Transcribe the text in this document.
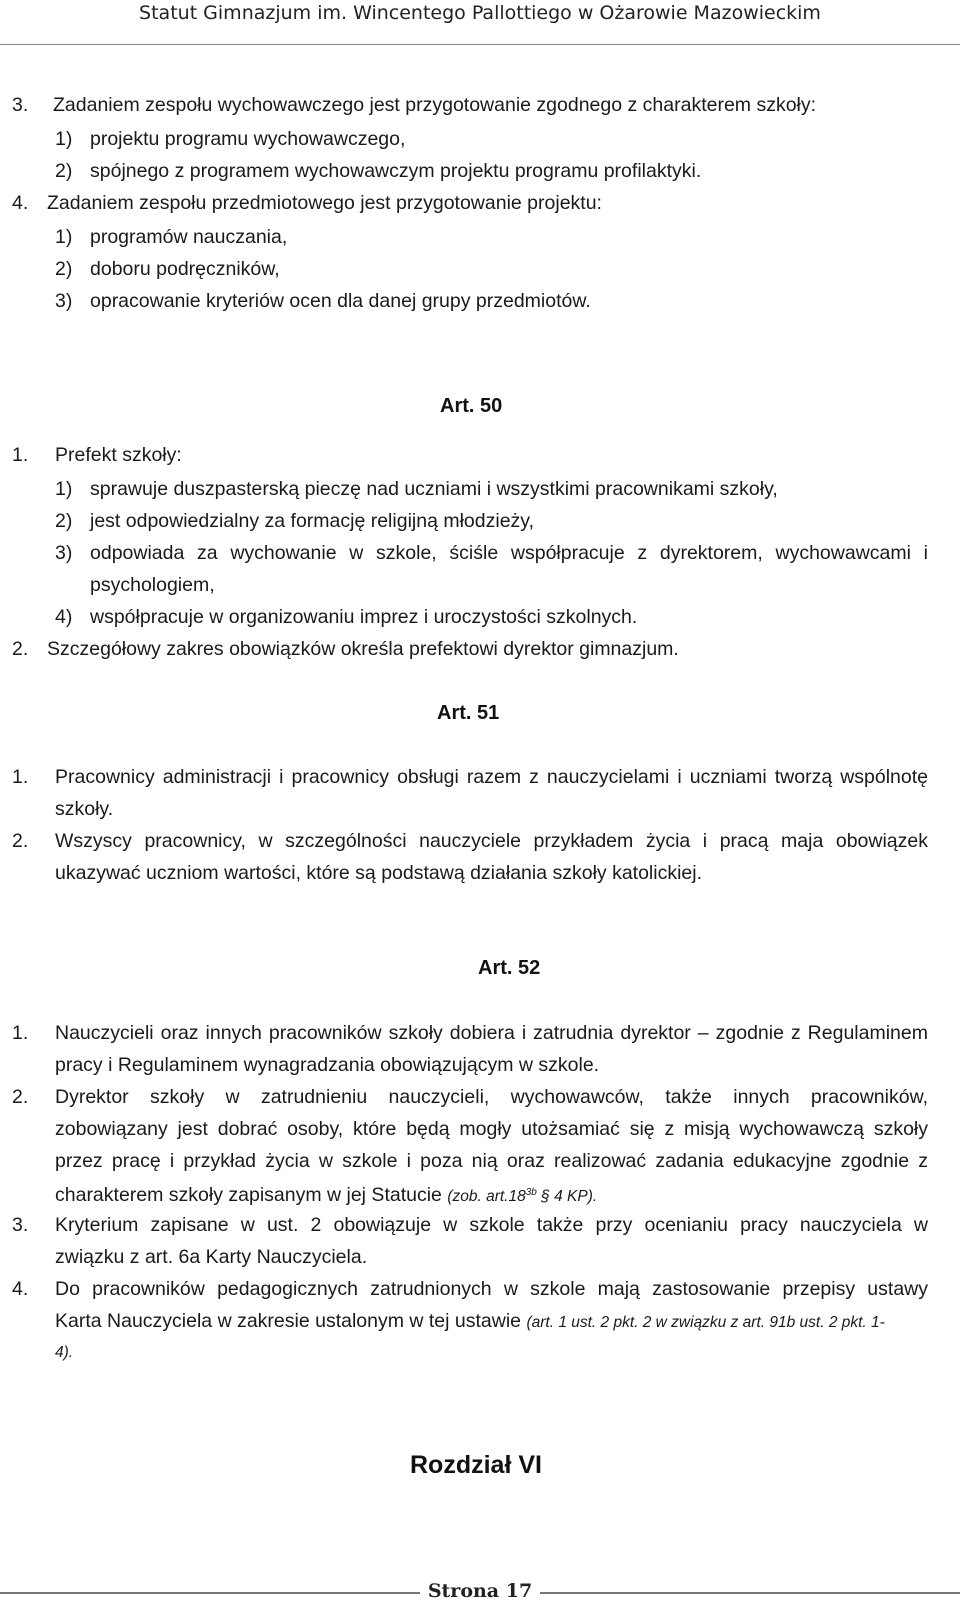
Statut Gimnazjum im. Wincentego Pallottiego w Ożarowie Mazowieckim
3. Zadaniem zespołu wychowawczego jest przygotowanie zgodnego z charakterem szkoły:
1) projektu programu wychowawczego,
2) spójnego z programem wychowawczym projektu programu profilaktyki.
4. Zadaniem zespołu przedmiotowego jest przygotowanie projektu:
1) programów nauczania,
2) doboru podręczników,
3) opracowanie kryteriów ocen dla danej grupy przedmiotów.
Art. 50
1. Prefekt szkoły:
1) sprawuje duszpasterską pieczę nad uczniami i wszystkimi pracownikami szkoły,
2) jest odpowiedzialny za formację religijną młodzieży,
3) odpowiada za wychowanie w szkole, ściśle współpracuje z dyrektorem, wychowawcami i
psychologiem,
4) współpracuje w organizowaniu imprez i uroczystości szkolnych.
2. Szczegółowy zakres obowiązków określa prefektowi dyrektor gimnazjum.
Art. 51
1. Pracownicy administracji i pracownicy obsługi razem z nauczycielami i uczniami tworzą wspólnotę
szkoły.
2. Wszyscy pracownicy, w szczególności nauczyciele przykładem życia i pracą maja obowiązek
ukazywać uczniom wartości, które są podstawą działania szkoły katolickiej.
Art. 52
1. Nauczycieli oraz innych pracowników szkoły dobiera i zatrudnia dyrektor – zgodnie z Regulaminem
pracy i Regulaminem wynagradzania obowiązującym w szkole.
2. Dyrektor szkoły w zatrudnieniu nauczycieli, wychowawców, także innych pracowników,
zobowiązany jest dobrać osoby, które będą mogły utożsamiać się z misją wychowawczą szkoły
przez pracę i przykład życia w szkole i poza nią oraz realizować zadania edukacyjne zgodnie z
charakterem szkoły zapisanym w jej Statucie (zob. $art.18^{3b}$ § 4 KP).
3. Kryterium zapisane w ust. 2 obowiązuje w szkole także przy ocenianiu pracy nauczyciela w
związku z art. 6a Karty Nauczyciela.
4. Do pracowników pedagogicznych zatrudnionych w szkole mają zastosowanie przepisy ustawy
Karta Nauczyciela w zakresie ustalonym w tej ustawie (art. 1 ust. 2 pkt. 2 w związku z art. 91b ust. 2 pkt. 1-
4).
Rozdział VI
Strona 17
